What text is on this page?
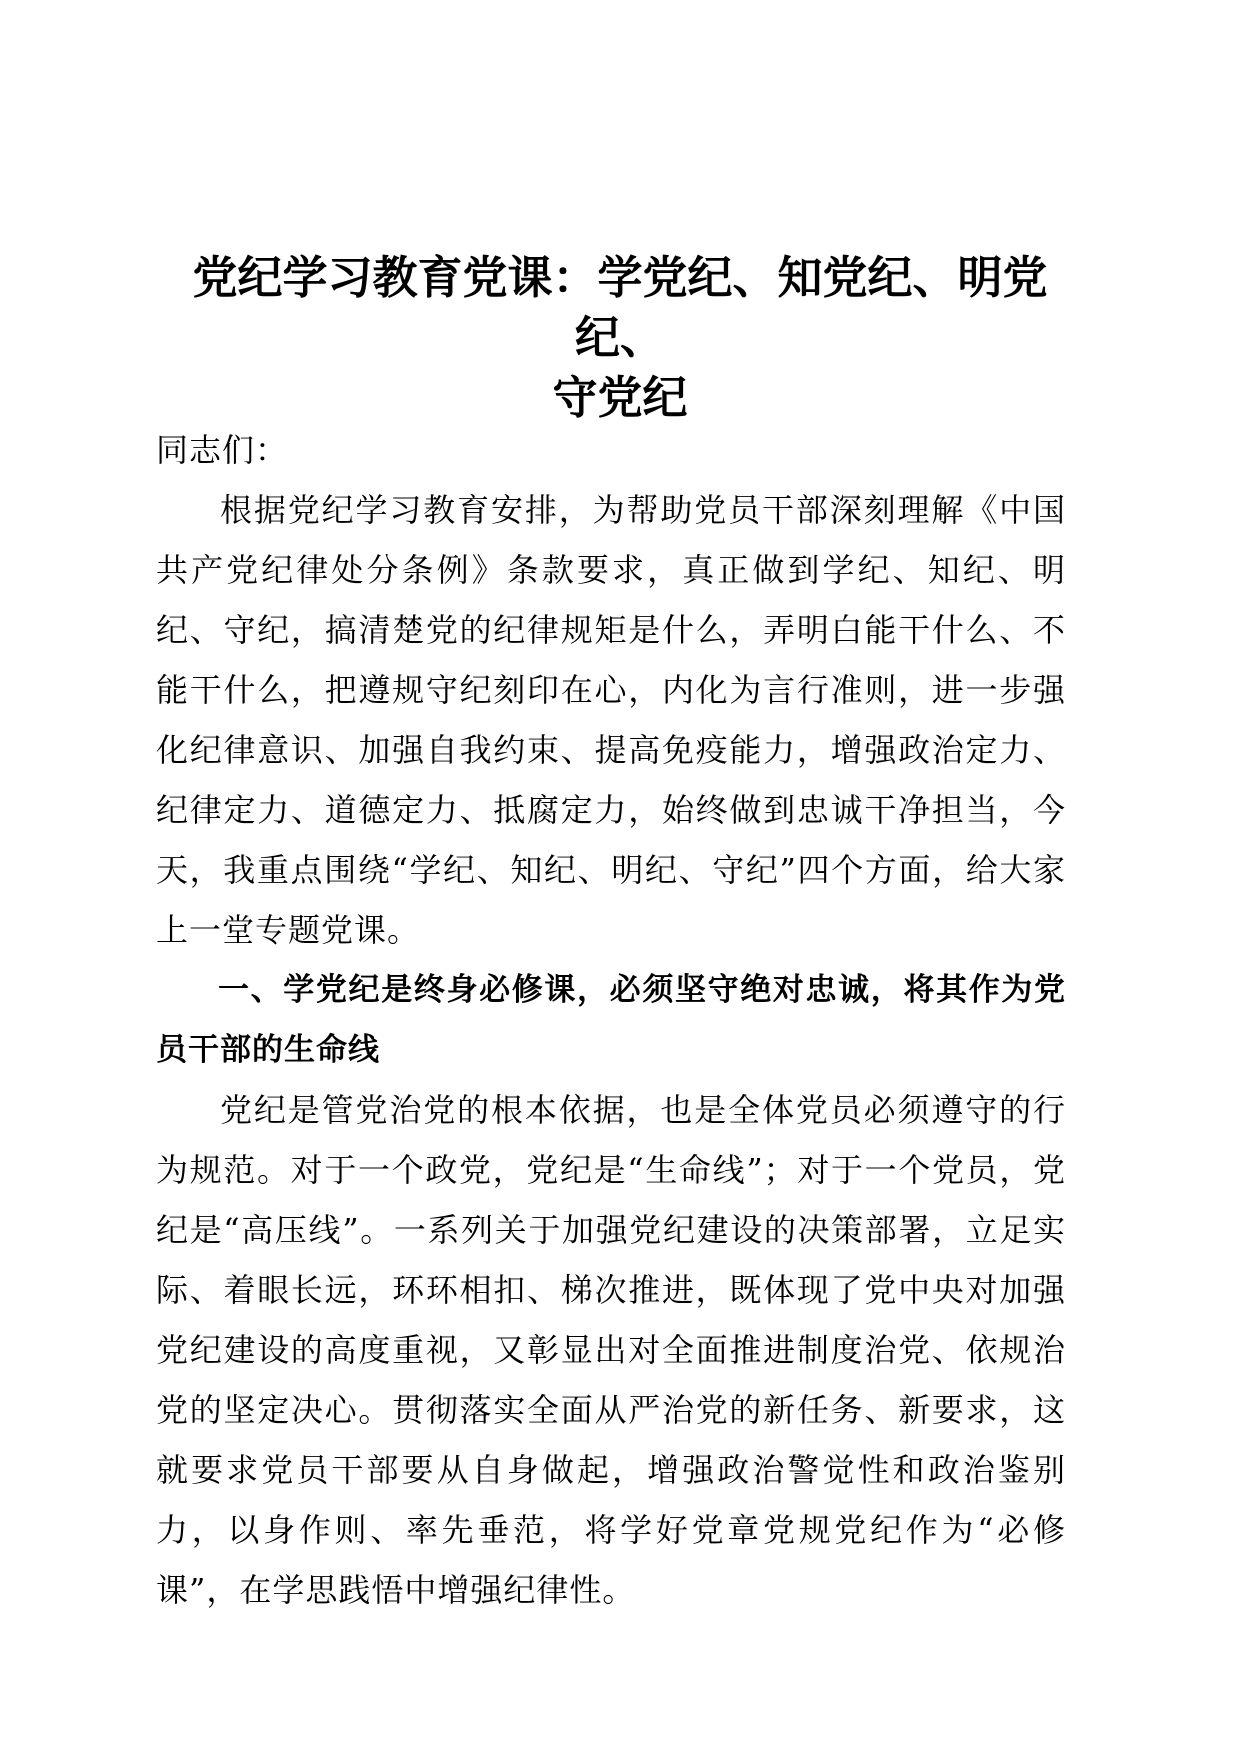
党纪学习教育党课：学党纪、知党纪、明党纪、
守党纪

同志们：

根据党纪学习教育安排，为帮助党员干部深刻理解《中国共产党纪律处分条例》条款要求，真正做到学纪、知纪、明纪、守纪，搞清楚党的纪律规矩是什么，弄明白能干什么、不能干什么，把遵规守纪刻印在心，内化为言行准则，进一步强化纪律意识、加强自我约束、提高免疫能力，增强政治定力、纪律定力、道德定力、抵腐定力，始终做到忠诚干净担当，今天，我重点围绕“学纪、知纪、明纪、守纪”四个方面，给大家上一堂专题党课。

一、学党纪是终身必修课，必须坚守绝对忠诚，将其作为党员干部的生命线

党纪是管党治党的根本依据，也是全体党员必须遵守的行为规范。对于一个政党，党纪是“生命线”；对于一个党员，党纪是“高压线”。一系列关于加强党纪建设的决策部署，立足实际、着眼长远，环环相扣、梯次推进，既体现了党中央对加强党纪建设的高度重视，又彰显出对全面推进制度治党、依规治党的坚定决心。贯彻落实全面从严治党的新任务、新要求，这就要求党员干部要从自身做起，增强政治警觉性和政治鉴别力，以身作则、率先垂范，将学好党章党规党纪作为“必修课”，在学思践悟中增强纪律性。
